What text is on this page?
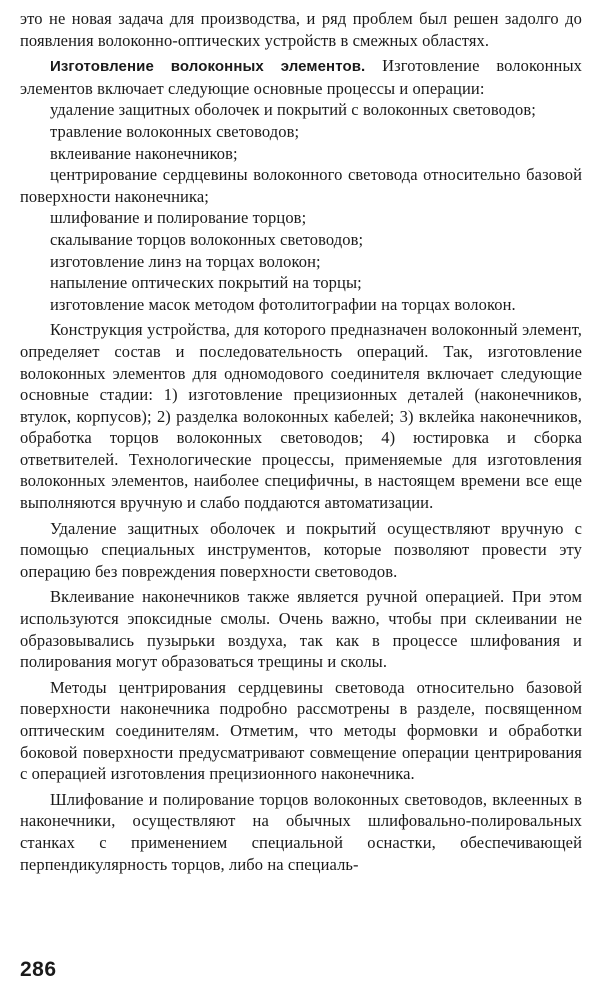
это не новая задача для производства, и ряд проблем был решен задолго до появления волоконно-оптических устройств в смежных областях.

Изготовление волоконных элементов. Изготовление волоконных элементов включает следующие основные процессы и операции:

удаление защитных оболочек и покрытий с волоконных световодов;

травление волоконных световодов;

вклеивание наконечников;

центрирование сердцевины волоконного световода относительно базовой поверхности наконечника;

шлифование и полирование торцов;

скалывание торцов волоконных световодов;

изготовление линз на торцах волокон;

напыление оптических покрытий на торцы;

изготовление масок методом фотолитографии на торцах волокон.

Конструкция устройства, для которого предназначен волоконный элемент, определяет состав и последовательность операций. Так, изготовление волоконных элементов для одномодового соединителя включает следующие основные стадии: 1) изготовление прецизионных деталей (наконечников, втулок, корпусов); 2) разделка волоконных кабелей; 3) вклейка наконечников, обработка торцов волоконных световодов; 4) юстировка и сборка ответвителей. Технологические процессы, применяемые для изготовления волоконных элементов, наиболее специфичны, в настоящем времени все еще выполняются вручную и слабо поддаются автоматизации.

Удаление защитных оболочек и покрытий осуществляют вручную с помощью специальных инструментов, которые позволяют провести эту операцию без повреждения поверхности световодов.

Вклеивание наконечников также является ручной операцией. При этом используются эпоксидные смолы. Очень важно, чтобы при склеивании не образовывались пузырьки воздуха, так как в процессе шлифования и полирования могут образоваться трещины и сколы.

Методы центрирования сердцевины световода относительно базовой поверхности наконечника подробно рассмотрены в разделе, посвященном оптическим соединителям. Отметим, что методы формовки и обработки боковой поверхности предусматривают совмещение операции центрирования с операцией изготовления прецизионного наконечника.

Шлифование и полирование торцов волоконных световодов, вклеенных в наконечники, осуществляют на обычных шлифовально-полировальных станках с применением специальной оснастки, обеспечивающей перпендикулярность торцов, либо на специаль-

286
